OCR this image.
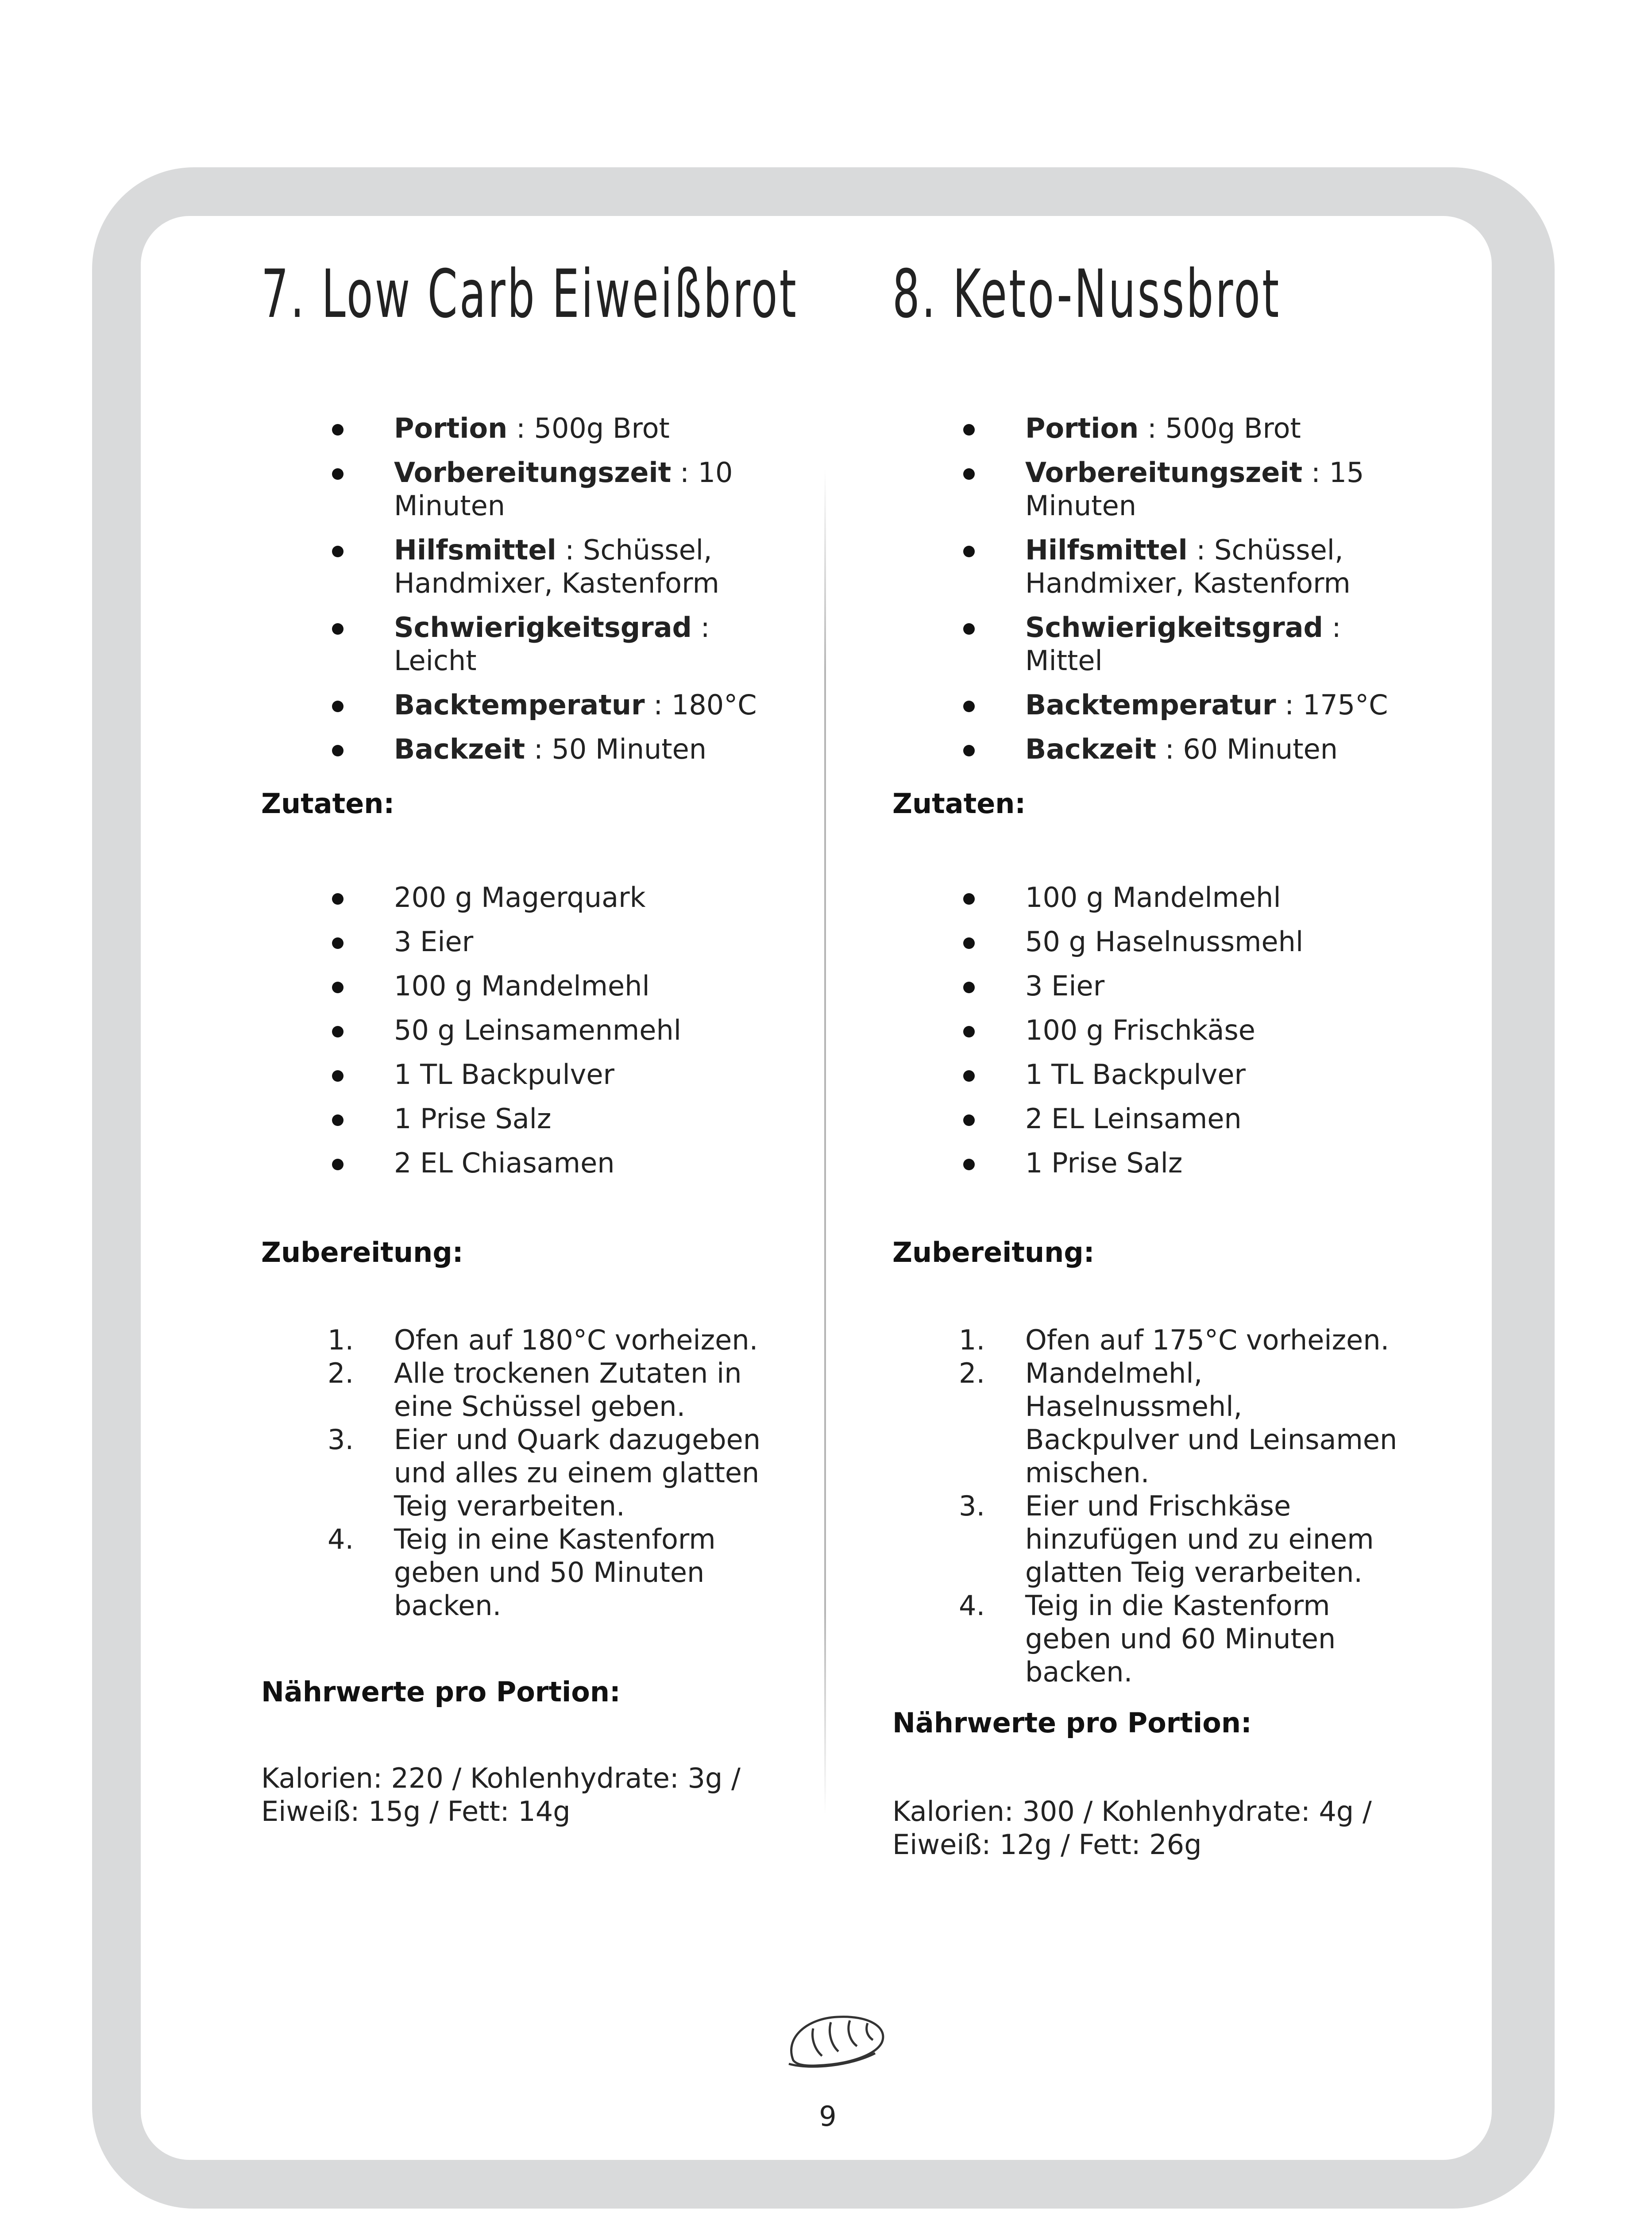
7. Low Carb Eiweißbrot
Portion : 500g Brot
Vorbereitungszeit : 10 Minuten
Hilfsmittel : Schüssel, Handmixer, Kastenform
Schwierigkeitsgrad : Leicht
Backtemperatur : 180°C
Backzeit : 50 Minuten
Zutaten:
200 g Magerquark
3 Eier
100 g Mandelmehl
50 g Leinsamenmehl
1 TL Backpulver
1 Prise Salz
2 EL Chiasamen
Zubereitung:
1. Ofen auf 180°C vorheizen.
2. Alle trockenen Zutaten in eine Schüssel geben.
3. Eier und Quark dazugeben und alles zu einem glatten Teig verarbeiten.
4. Teig in eine Kastenform geben und 50 Minuten backen.
Nährwerte pro Portion:
Kalorien: 220 / Kohlenhydrate: 3g / Eiweiß: 15g / Fett: 14g
8. Keto-Nussbrot
Portion : 500g Brot
Vorbereitungszeit : 15 Minuten
Hilfsmittel : Schüssel, Handmixer, Kastenform
Schwierigkeitsgrad : Mittel
Backtemperatur : 175°C
Backzeit : 60 Minuten
Zutaten:
100 g Mandelmehl
50 g Haselnussmehl
3 Eier
100 g Frischkäse
1 TL Backpulver
2 EL Leinsamen
1 Prise Salz
Zubereitung:
1. Ofen auf 175°C vorheizen.
2. Mandelmehl, Haselnussmehl, Backpulver und Leinsamen mischen.
3. Eier und Frischkäse hinzufügen und zu einem glatten Teig verarbeiten.
4. Teig in die Kastenform geben und 60 Minuten backen.
Nährwerte pro Portion:
Kalorien: 300 / Kohlenhydrate: 4g / Eiweiß: 12g / Fett: 26g
9
